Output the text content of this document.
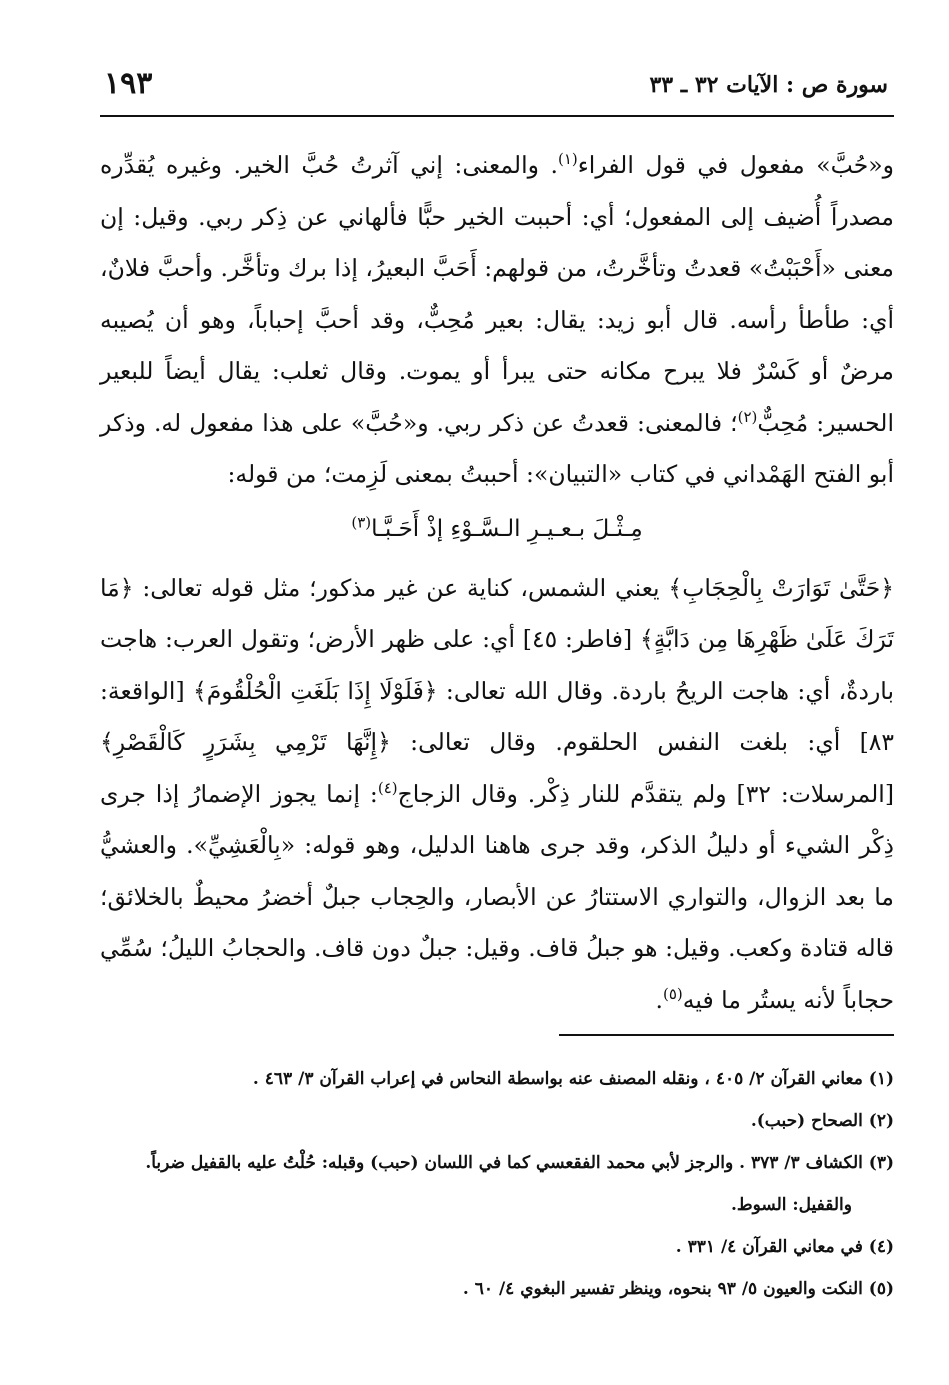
سورة ص : الآيات ٣٢ ـ ٣٣
١٩٣

و«حُبَّ» مفعول في قول الفراء$^{(١)}$. والمعنى: إني آثرتُ حُبَّ الخير. وغيره يُقدِّره مصدراً أُضيف إلى المفعول؛ أي: أحببت الخير حبًّا فألهاني عن ذِكر ربي. وقيل: إن معنى «أَحْبَبْتُ» قعدتُ وتأخَّرتُ، من قولهم: أَحَبَّ البعيرُ، إذا برك وتأخَّر. وأحبَّ فلانٌ، أي: طأطأ رأسه. قال أبو زيد: يقال: بعير مُحِبٌّ، وقد أحبَّ إحباباً، وهو أن يُصيبه مرضٌ أو كَسْرٌ فلا يبرح مكانه حتى يبرأ أو يموت. وقال ثعلب: يقال أيضاً للبعير الحسير: مُحِبٌّ$^{(٢)}$؛ فالمعنى: قعدتُ عن ذكر ربي. و«حُبَّ» على هذا مفعول له. وذكر أبو الفتح الهَمْداني في كتاب «التبيان»: أحببتُ بمعنى لَزِمت؛ من قوله:

مِـثْـلَ بـعـيـرِ الـسَّـوْءِ إذْ أَحَـبَّـا$^{(٣)}$

﴿حَتَّىٰ تَوَارَتْ بِالْحِجَابِ﴾ يعني الشمس، كناية عن غير مذكور؛ مثل قوله تعالى: ﴿مَا تَرَكَ عَلَىٰ ظَهْرِهَا مِن دَابَّةٍ﴾ [فاطر: ٤٥] أي: على ظهر الأرض؛ وتقول العرب: هاجت باردةٌ، أي: هاجت الريحُ باردة. وقال الله تعالى: ﴿فَلَوْلَا إِذَا بَلَغَتِ الْحُلْقُومَ﴾ [الواقعة: ٨٣] أي: بلغت النفس الحلقوم. وقال تعالى: ﴿إِنَّهَا تَرْمِي بِشَرَرٍ كَالْقَصْرِ﴾ [المرسلات: ٣٢] ولم يتقدَّم للنار ذِكْر. وقال الزجاج$^{(٤)}$: إنما يجوز الإضمارُ إذا جرى ذِكْر الشيء أو دليلُ الذكر، وقد جرى هاهنا الدليل، وهو قوله: «بِالْعَشِيِّ». والعشيُّ ما بعد الزوال، والتواري الاستتارُ عن الأبصار، والحِجاب جبلٌ أخضرُ محيطٌ بالخلائق؛ قاله قتادة وكعب. وقيل: هو جبلُ قاف. وقيل: جبلٌ دون قاف. والحجابُ الليلُ؛ سُمِّي حجاباً لأنه يستُر ما فيه$^{(٥)}$.

(١) معاني القرآن ٢/ ٤٠٥ ، ونقله المصنف عنه بواسطة النحاس في إعراب القرآن ٣/ ٤٦٣ .

(٢) الصحاح (حبب).

(٣) الكشاف ٣/ ٣٧٣ . والرجز لأبي محمد الفقعسي كما في اللسان (حبب) وقبله: حُلْتُ عليه بالقفيل ضرباً. والقفيل: السوط.

(٤) في معاني القرآن ٤/ ٣٣١ .

(٥) النكت والعيون ٥/ ٩٣ بنحوه، وينظر تفسير البغوي ٤/ ٦٠ .
